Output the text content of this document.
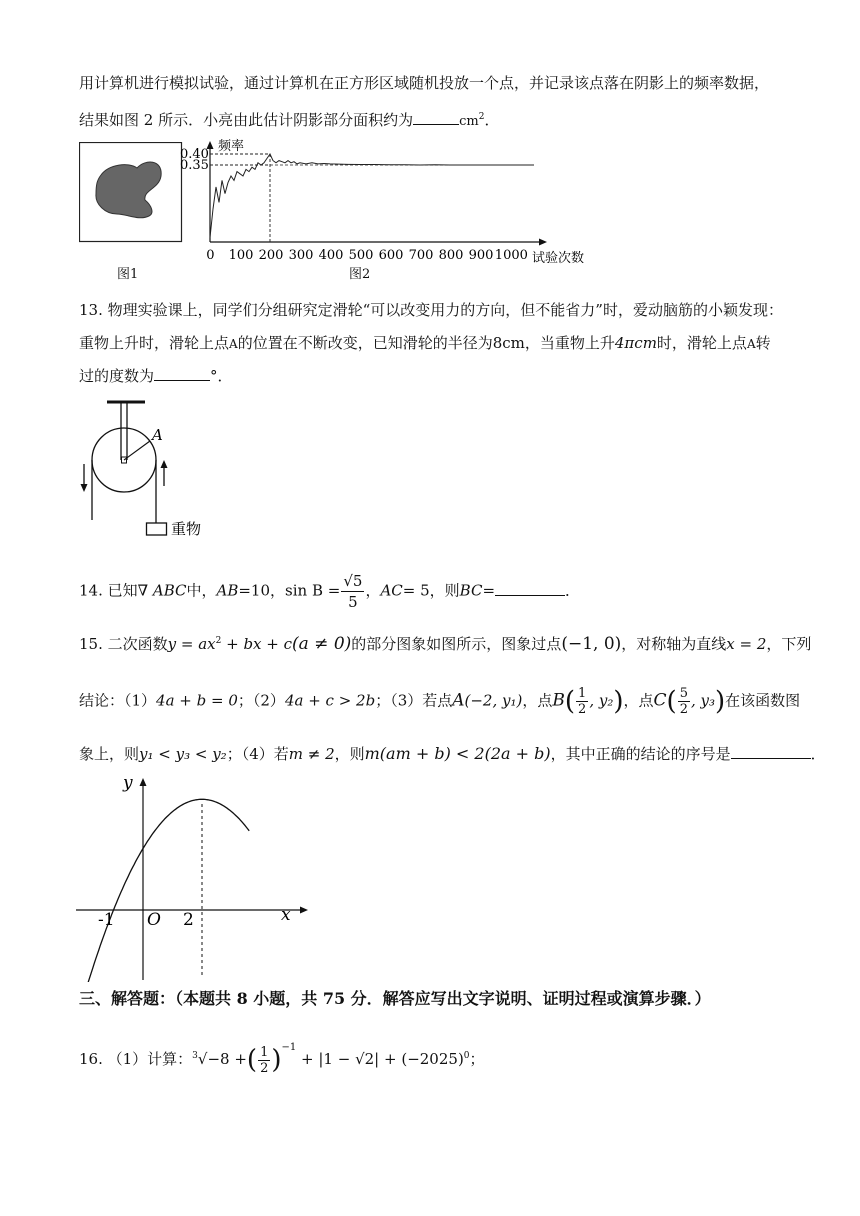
用计算机进行模拟试验，通过计算机在正方形区域随机投放一个点，并记录该点落在阴影上的频率数据，
结果如图 2 所示．小亮由此估计阴影部分面积约为	$cm^2$．
图1
频率
试验次数
0 100 200 300 400 500 600 700 800 900 1000
0.40
0.35
图2
13. 物理实验课上，同学们分组研究定滑轮“可以改变用力的方向，但不能省力”时，爱动脑筋的小颖发现：
重物上升时，滑轮上点A的位置在不断改变，已知滑轮的半径为8cm，当重物上升4πcm时，滑轮上点A转
过的度数为	°．
A
重物
14. 已知∇ ABC中，AB=10，$\sin B = \frac{√5}{5}$ ，AC= 5，则BC=	．
15. 二次函数$y = ax^2$ + bx + c(a ≠ 0)的部分图象如图所示，图象过点(−1, 0)，对称轴为直线x = 2，下列
结论：（1）4a + b = 0；（2）4a + c > 2b；（3）若点A(−2, y₁)，点$B( \frac{1}{2}$ , y₂)，点$C( \frac{5}{2}$ , y₃)在该函数图
象上，则y₁ < y₃ < y₂；（4）若m ≠ 2，则m(am + b) < 2(2a + b)，其中正确的结论的序号是	．
y
x
O
-1	2
三、解答题：（本题共 8 小题，共 75 分．解答应写出文字说明、证明过程或演算步骤．）
16. （1）计算：$^3$√−8 +( $\frac{1}{2} )^{-1} + |1 - √2| + (-2025)^0$；
